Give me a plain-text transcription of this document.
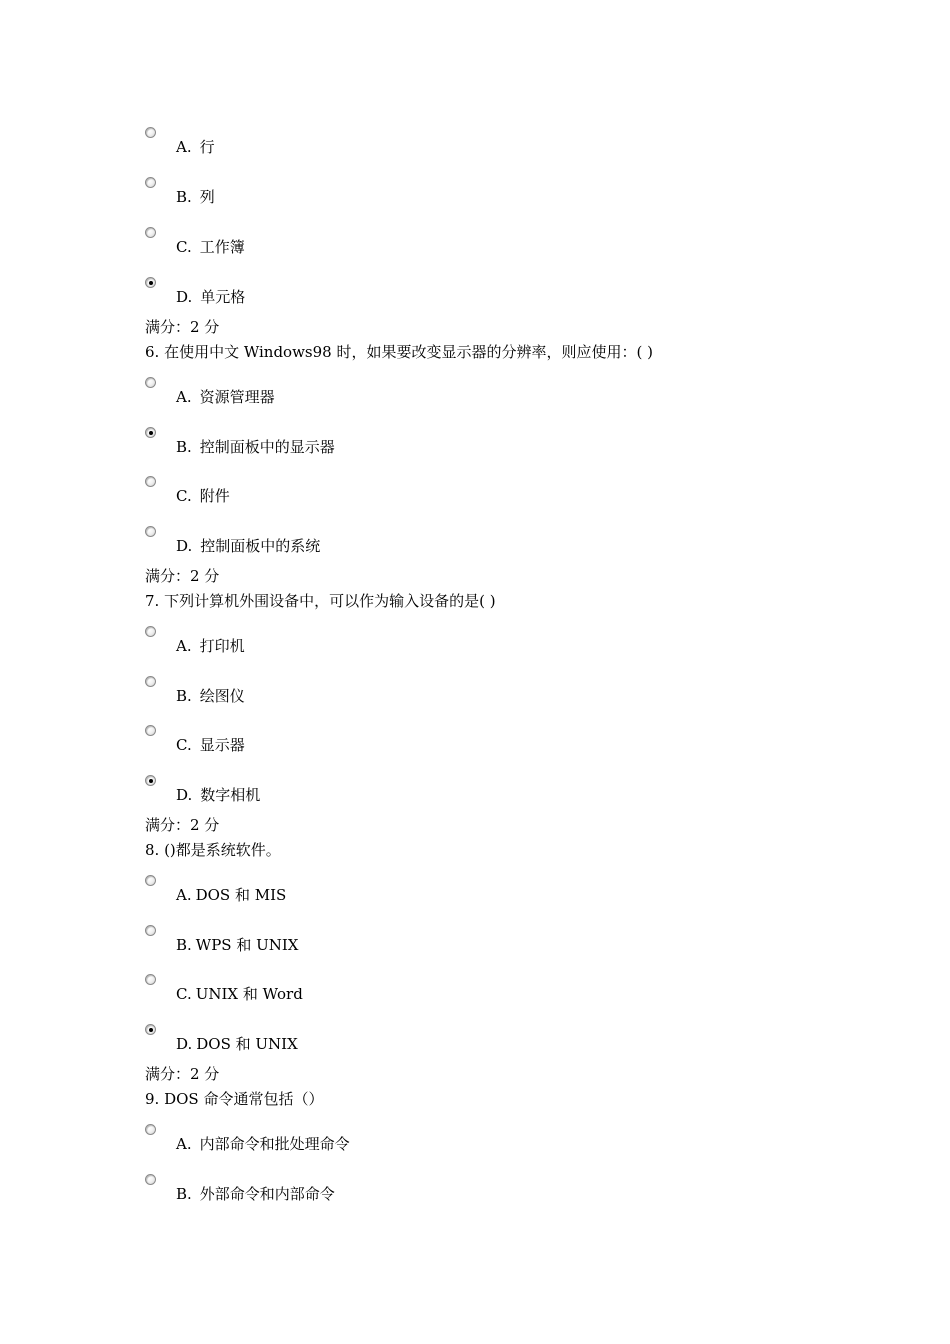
A. 行
B. 列
C. 工作簿
D. 单元格
满分：2 分
6. 在使用中文 Windows98 时，如果要改变显示器的分辨率，则应使用：( )
A. 资源管理器
B. 控制面板中的显示器
C. 附件
D. 控制面板中的系统
满分：2 分
7. 下列计算机外围设备中，可以作为输入设备的是( )
A. 打印机
B. 绘图仪
C. 显示器
D. 数字相机
满分：2 分
8. ()都是系统软件。
A. DOS 和 MIS
B. WPS 和 UNIX
C. UNIX 和 Word
D. DOS 和 UNIX
满分：2 分
9. DOS 命令通常包括（）
A. 内部命令和批处理命令
B. 外部命令和内部命令
